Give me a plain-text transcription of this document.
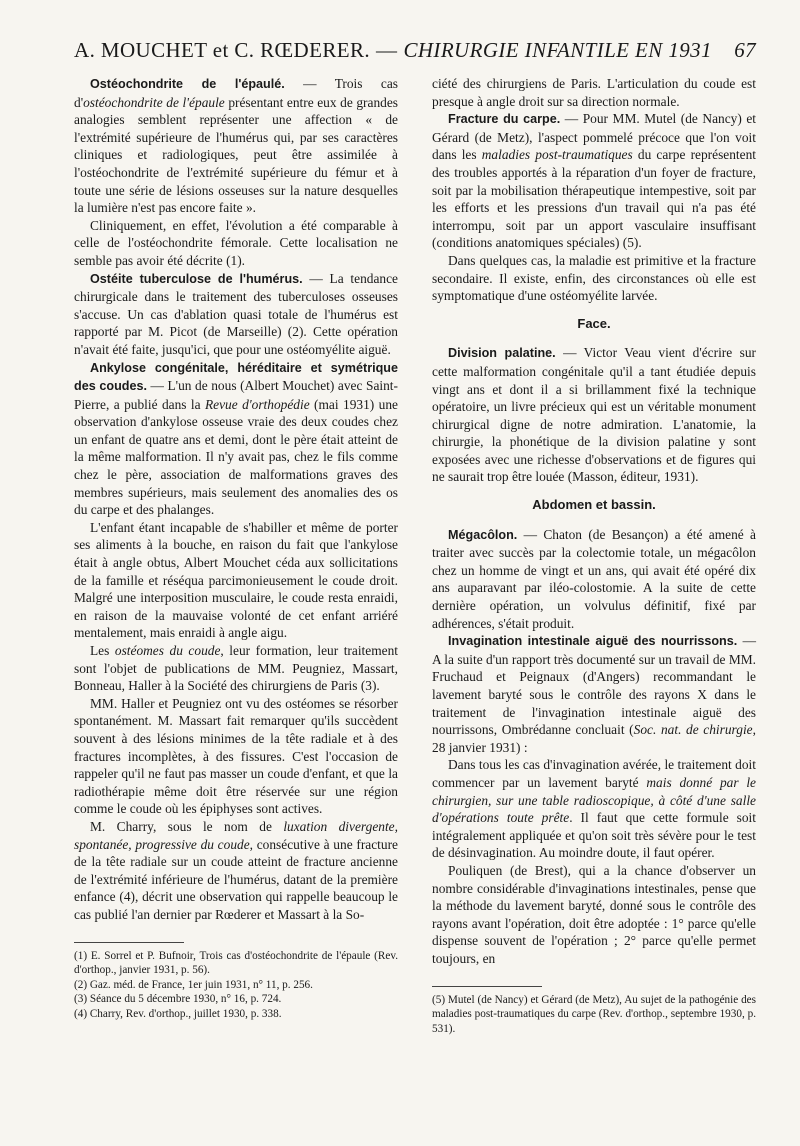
A. MOUCHET et C. RŒDERER. — CHIRURGIE INFANTILE EN 1931 67

Ostéochondrite de l'épaulé. — Trois cas d'ostéochondrite de l'épaule présentant entre eux de grandes analogies semblent représenter une affection « de l'extrémité supérieure de l'humérus qui, par ses caractères cliniques et radiologiques, peut être assimilée à l'ostéochondrite de l'extrémité supérieure du fémur et à toute une série de lésions osseuses sur la nature desquelles la lumière n'est pas encore faite ».

Cliniquement, en effet, l'évolution a été comparable à celle de l'ostéochondrite fémorale. Cette localisation ne semble pas avoir été décrite (1).

Ostéite tuberculose de l'humérus. — La tendance chirurgicale dans le traitement des tuberculoses osseuses s'accuse. Un cas d'ablation quasi totale de l'humérus est rapporté par M. Picot (de Marseille) (2). Cette opération n'avait été faite, jusqu'ici, que pour une ostéomyélite aiguë.

Ankylose congénitale, héréditaire et symétrique des coudes. — L'un de nous (Albert Mouchet) avec Saint-Pierre, a publié dans la Revue d'orthopédie (mai 1931) une observation d'ankylose osseuse vraie des deux coudes chez un enfant de quatre ans et demi, dont le père était atteint de la même malformation. Il n'y avait pas, chez le fils comme chez le père, association de malformations graves des membres supérieurs, mais seulement des anomalies des os du carpe et des phalanges.

L'enfant étant incapable de s'habiller et même de porter ses aliments à la bouche, en raison du fait que l'ankylose était à angle obtus, Albert Mouchet céda aux sollicitations de la famille et réséqua parcimonieusement le coude droit. Malgré une interposition musculaire, le coude resta enraidi, en raison de la mauvaise volonté de cet enfant arriéré mentalement, mais enraidi à angle aigu.

Les ostéomes du coude, leur formation, leur traitement sont l'objet de publications de MM. Peugniez, Massart, Bonneau, Haller à la Société des chirurgiens de Paris (3).

MM. Haller et Peugniez ont vu des ostéomes se résorber spontanément. M. Massart fait remarquer qu'ils succèdent souvent à des lésions minimes de la tête radiale et à des fractures incomplètes, à des fissures. C'est l'occasion de rappeler qu'il ne faut pas masser un coude d'enfant, et que la radiothérapie même doit être réservée sur une région comme le coude où les épiphyses sont actives.

M. Charry, sous le nom de luxation divergente, spontanée, progressive du coude, consécutive à une fracture de la tête radiale sur un coude atteint de fracture ancienne de l'extrémité inférieure de l'humérus, datant de la première enfance (4), décrit une observation qui rappelle beaucoup le cas publié l'an dernier par Rœderer et Massart à la So-

(1) E. Sorrel et P. Bufnoir, Trois cas d'ostéochondrite de l'épaule (Rev. d'orthop., janvier 1931, p. 56).
(2) Gaz. méd. de France, 1er juin 1931, n° 11, p. 256.
(3) Séance du 5 décembre 1930, n° 16, p. 724.
(4) Charry, Rev. d'orthop., juillet 1930, p. 338.

ciété des chirurgiens de Paris. L'articulation du coude est presque à angle droit sur sa direction normale.

Fracture du carpe. — Pour MM. Mutel (de Nancy) et Gérard (de Metz), l'aspect pommelé précoce que l'on voit dans les maladies post-traumatiques du carpe représentent des troubles apportés à la réparation d'un foyer de fracture, soit par la mobilisation thérapeutique intempestive, soit par les efforts et les pressions d'un travail qui n'a pas été interrompu, soit par un apport vasculaire insuffisant (conditions anatomiques spéciales) (5).

Dans quelques cas, la maladie est primitive et la fracture secondaire. Il existe, enfin, des circonstances où elle est symptomatique d'une ostéomyélite larvée.

Face.

Division palatine. — Victor Veau vient d'écrire sur cette malformation congénitale qu'il a tant étudiée depuis vingt ans et dont il a si brillamment fixé la technique opératoire, un livre précieux qui est un véritable monument chirurgical digne de notre admiration. L'anatomie, la chirurgie, la phonétique de la division palatine y sont exposées avec une richesse d'observations et de figures qui ne saurait trop être louée (Masson, éditeur, 1931).

Abdomen et bassin.

Mégacôlon. — Chaton (de Besançon) a été amené à traiter avec succès par la colectomie totale, un mégacôlon chez un homme de vingt et un ans, qui avait été opéré dix ans auparavant par iléo-colostomie. A la suite de cette dernière opération, un volvulus définitif, fixé par adhérences, s'était produit.

Invagination intestinale aiguë des nourrissons. — A la suite d'un rapport très documenté sur un travail de MM. Fruchaud et Peignaux (d'Angers) recommandant le lavement baryté sous le contrôle des rayons X dans le traitement de l'invagination intestinale aiguë des nourrissons, Ombrédanne concluait (Soc. nat. de chirurgie, 28 janvier 1931) :

Dans tous les cas d'invagination avérée, le traitement doit commencer par un lavement baryté mais donné par le chirurgien, sur une table radioscopique, à côté d'une salle d'opérations toute prête. Il faut que cette formule soit intégralement appliquée et qu'on soit très sévère pour le test de désinvagination. Au moindre doute, il faut opérer.

Pouliquen (de Brest), qui a la chance d'observer un nombre considérable d'invaginations intestinales, pense que la méthode du lavement baryté, donné sous le contrôle des rayons avant l'opération, doit être adoptée : 1° parce qu'elle dispense souvent de l'opération ; 2° parce qu'elle permet toujours, en

(5) Mutel (de Nancy) et Gérard (de Metz), Au sujet de la pathogénie des maladies post-traumatiques du carpe (Rev. d'orthop., septembre 1930, p. 531).
